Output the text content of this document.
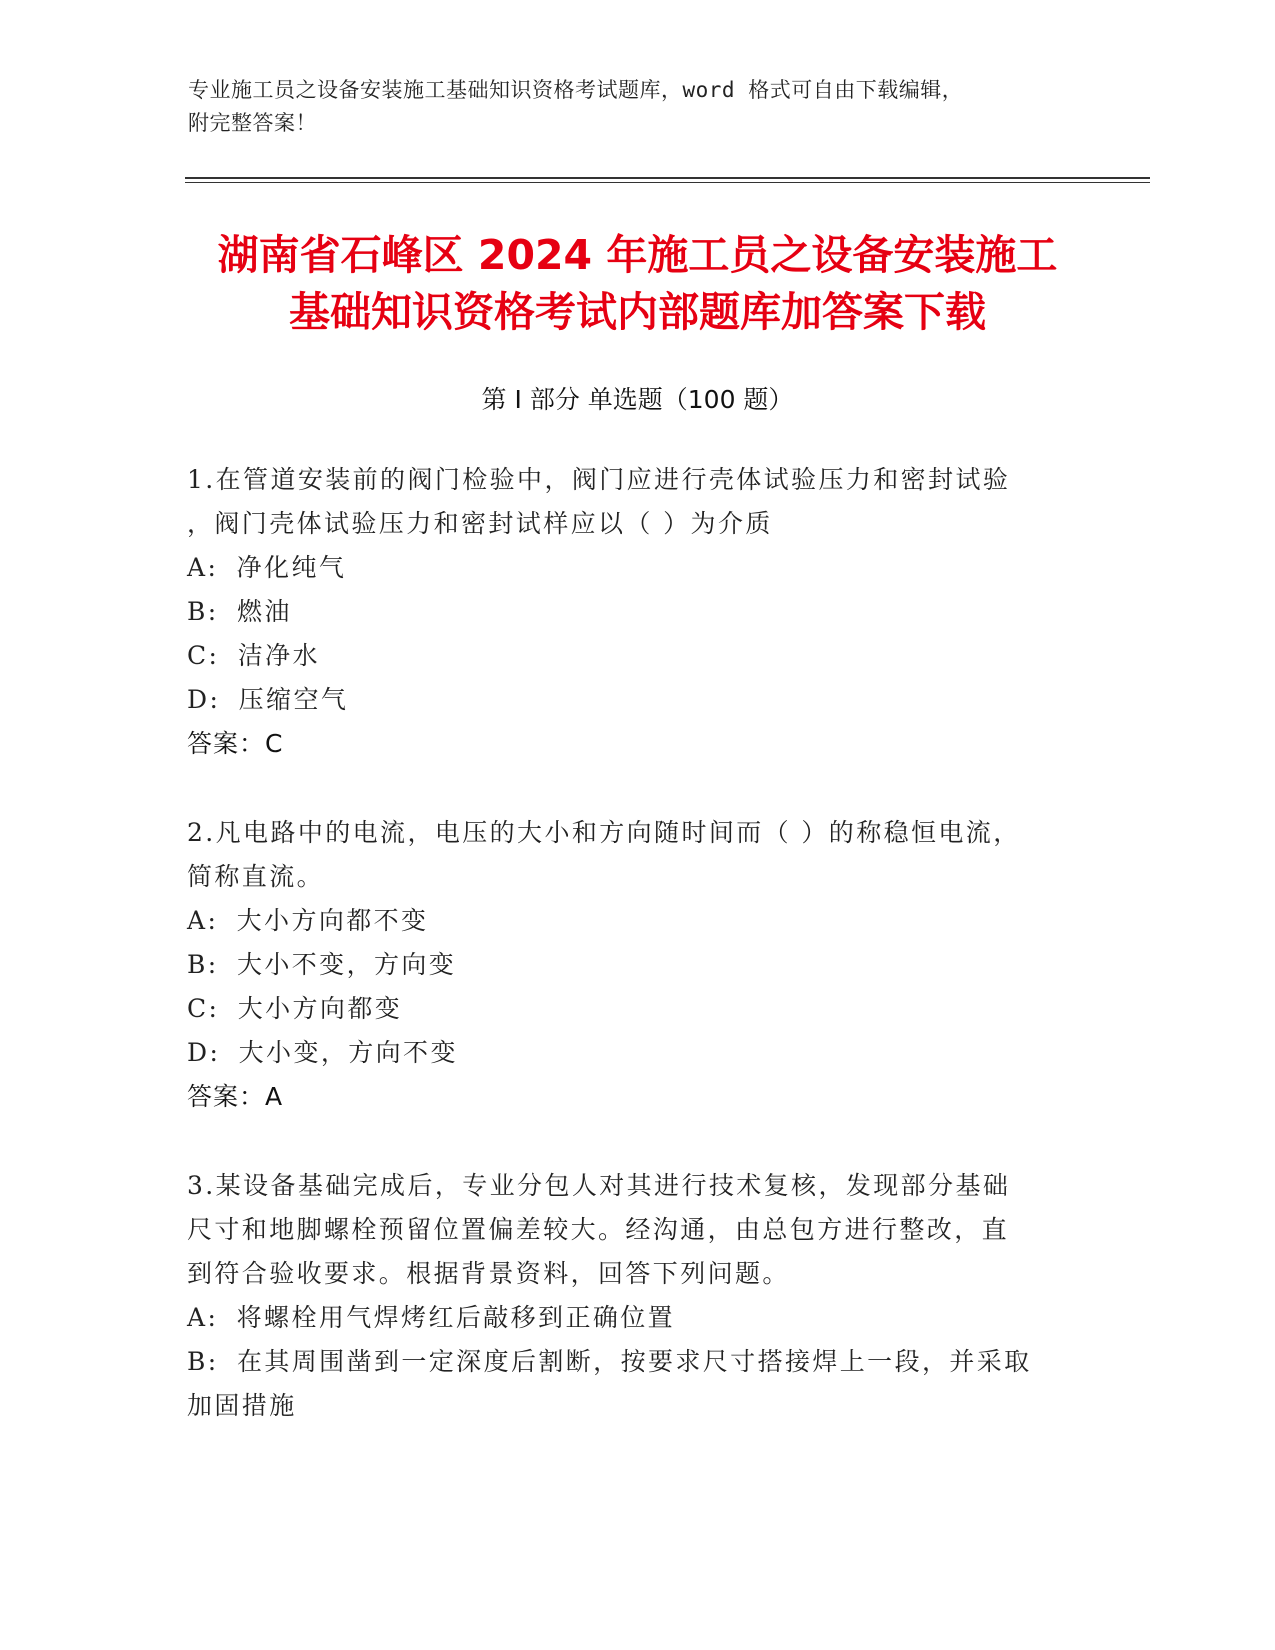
专业施工员之设备安装施工基础知识资格考试题库，word 格式可自由下载编辑，
附完整答案！
湖南省石峰区 2024 年施工员之设备安装施工
基础知识资格考试内部题库加答案下载
第 I 部分 单选题（100 题）
1.在管道安装前的阀门检验中，阀门应进行壳体试验压力和密封试验
，阀门壳体试验压力和密封试样应以（ ）为介质
A: 净化纯气
B: 燃油
C: 洁净水
D: 压缩空气
答案：C
2.凡电路中的电流，电压的大小和方向随时间而（ ）的称稳恒电流，
简称直流。
A: 大小方向都不变
B: 大小不变，方向变
C: 大小方向都变
D: 大小变，方向不变
答案：A
3.某设备基础完成后，专业分包人对其进行技术复核，发现部分基础
尺寸和地脚螺栓预留位置偏差较大。经沟通，由总包方进行整改，直
到符合验收要求。根据背景资料，回答下列问题。
A: 将螺栓用气焊烤红后敲移到正确位置
B: 在其周围凿到一定深度后割断，按要求尺寸搭接焊上一段，并采取
加固措施
